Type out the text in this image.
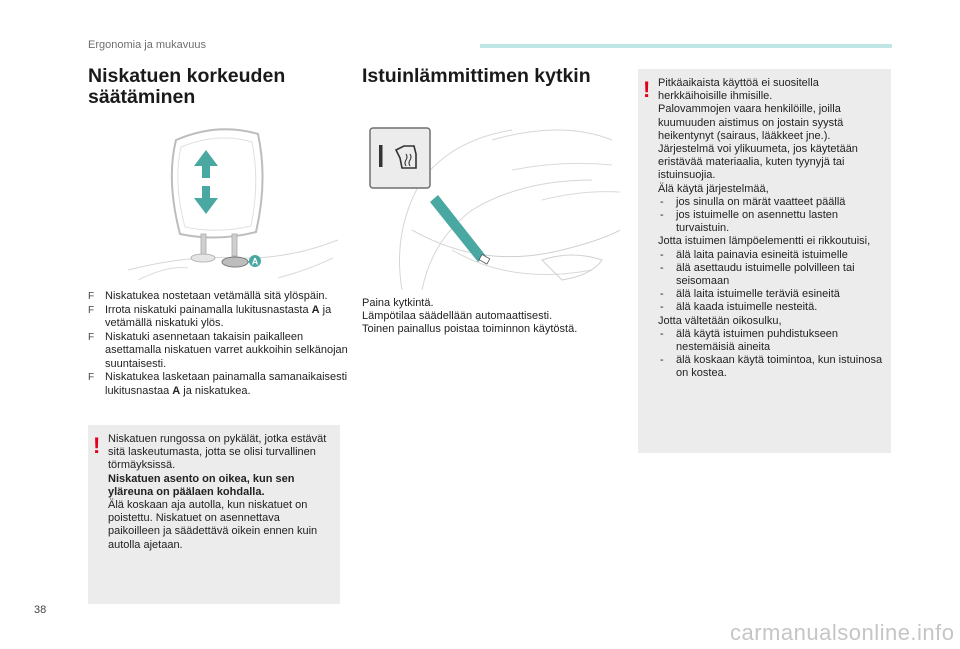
Ergonomia ja mukavuus
Niskatuen korkeuden
säätäminen
A
F Niskatukea nostetaan vetämällä sitä ylöspäin.
F Irrota niskatuki painamalla lukitusnastasta A ja vetämällä niskatuki ylös.
F Niskatuki asennetaan takaisin paikalleen asettamalla niskatuen varret aukkoihin selkänojan suuntaisesti.
F Niskatukea lasketaan painamalla samanaikaisesti lukitusnastaa A ja niskatukea.
! Niskatuen rungossa on pykälät, jotka estävät sitä laskeutumasta, jotta se olisi turvallinen törmäyksissä.

Niskatuen asento on oikea, kun sen yläreuna on päälaen kohdalla.

Älä koskaan aja autolla, kun niskatuet on poistettu. Niskatuet on asennettava paikoilleen ja säädettävä oikein ennen kuin autolla ajetaan.

Istuinlämmittimen kytkin

Paina kytkintä.

Lämpötilaa säädellään automaattisesti.

Toinen painallus poistaa toiminnon käytöstä.

! Pitkäaikaista käyttöä ei suositella herkkäihoisille ihmisille.

Palovammojen vaara henkilöille, joilla kuumuuden aistimus on jostain syystä heikentynyt (sairaus, lääkkeet jne.).

Järjestelmä voi ylikuumeta, jos käytetään eristävää materiaalia, kuten tyynyjä tai istuinsuojia.

Älä käytä järjestelmää,

- jos sinulla on märät vaatteet päällä

- jos istuimelle on asennettu lasten turvaistuin.

Jotta istuimen lämpöelementti ei rikkoutuisi,

- älä laita painavia esineitä istuimelle

- älä asettaudu istuimelle polvilleen tai seisomaan

- älä laita istuimelle teräviä esineitä

- älä kaada istuimelle nesteitä.

Jotta vältetään oikosulku,

- älä käytä istuimen puhdistukseen nestemäisiä aineita

- älä koskaan käytä toimintoa, kun istuinosa on kostea.

38
carmanualsonline.info
